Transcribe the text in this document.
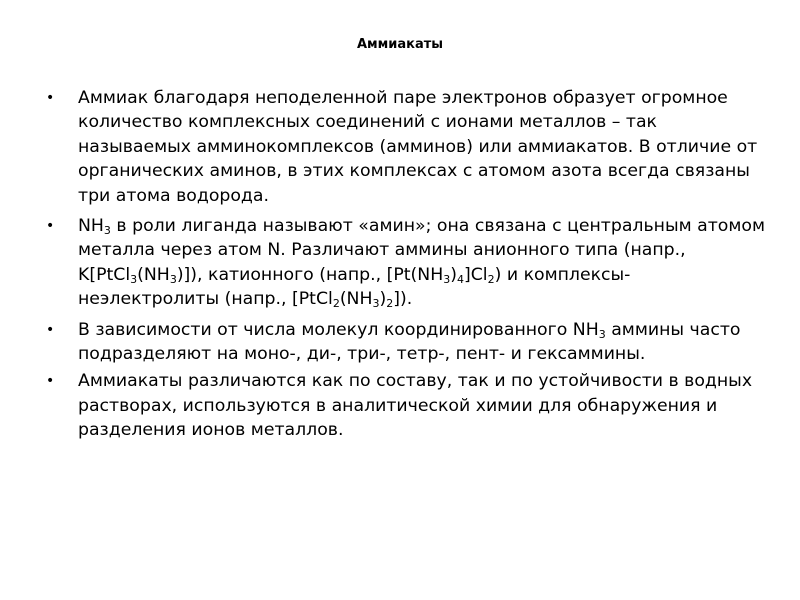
Аммиакаты
• Аммиак благодаря неподеленной паре электронов образует огромное количество комплексных соединений с ионами металлов – так называемых амминокомплексов (амминов) или аммиакатов. В отличие от органических аминов, в этих комплексах с атомом азота всегда связаны три атома водорода.
• $NH_3$ в роли лиганда называют «амин»; она связана с центральным атомом металла через атом N. Различают аммины анионного типа (напр., $K[PtCl_3(NH_3)]$), катионного (напр., $[Pt(NH_3)_4]Cl_2$) и комплексы-неэлектролиты (напр., $[PtCl_2(NH_3)_2]$).
• В зависимости от числа молекул координированного $NH_3$ аммины часто подразделяют на моно-, ди-, три-, тетр-, пент- и гексаммины.
• Аммиакаты различаются как по составу, так и по устойчивости в водных растворах, используются в аналитической химии для обнаружения и разделения ионов металлов.
